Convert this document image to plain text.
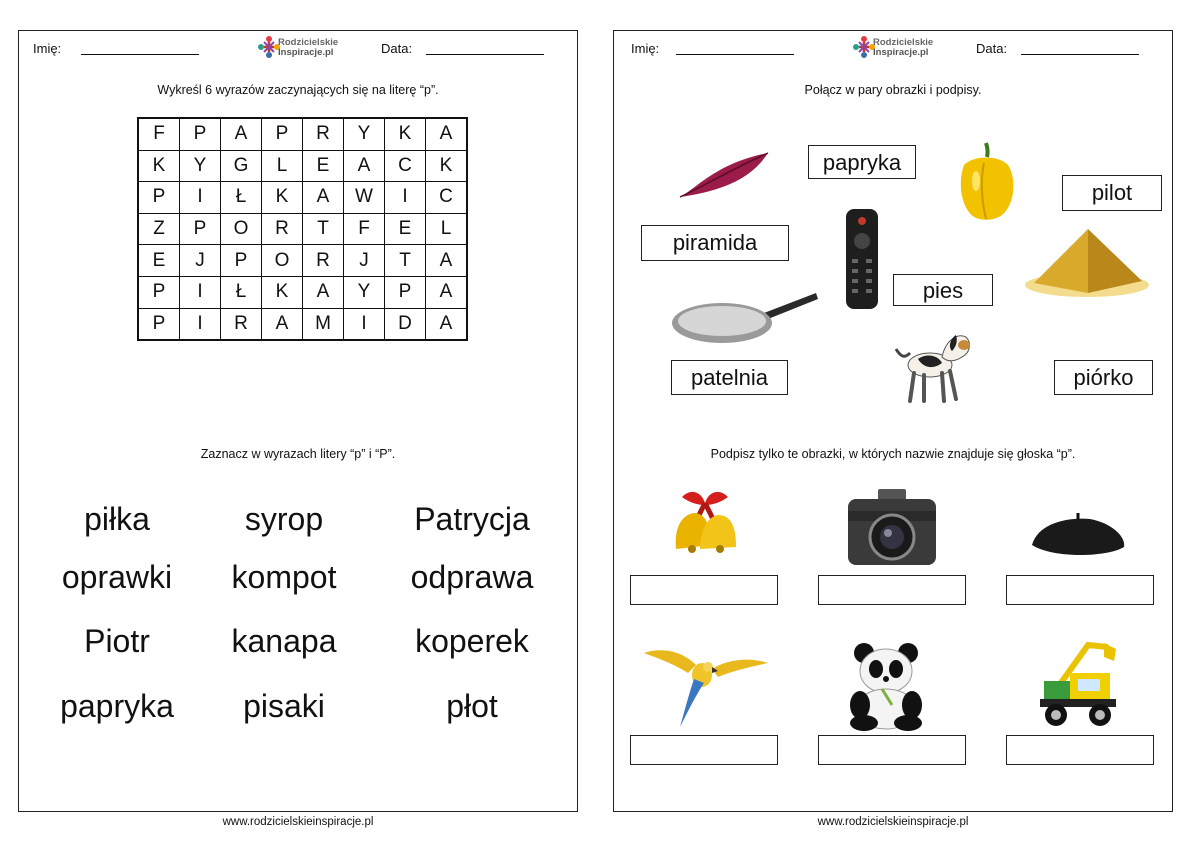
Imię:	Rodzicielskie
Inspiracje.pl	Data:
Wykreśl 6 wyrazów zaczynających się na literę “p”.
F	P	A	P	R	Y	K	A
K	Y	G	L	E	A	C	K
P	I	Ł	K	A	W	I	C
Z	P	O	R	T	F	E	L
E	J	P	O	R	J	T	A
P	I	Ł	K	A	Y	P	A
P	I	R	A	M	I	D	A
Zaznacz w wyrazach litery “p” i “P”.
piłka	syrop	Patrycja
oprawki	kompot	odprawa
Piotr	kanapa	koperek
papryka	pisaki	płot
www.rodzicielskieinspiracje.pl
Imię:	Rodzicielskie
Inspiracje.pl	Data:
Połącz w pary obrazki i podpisy.
papryka
pilot
piramida
pies
patelnia	piórko
Podpisz tylko te obrazki, w których nazwie znajduje się głoska “p”.
www.rodzicielskieinspiracje.pl
